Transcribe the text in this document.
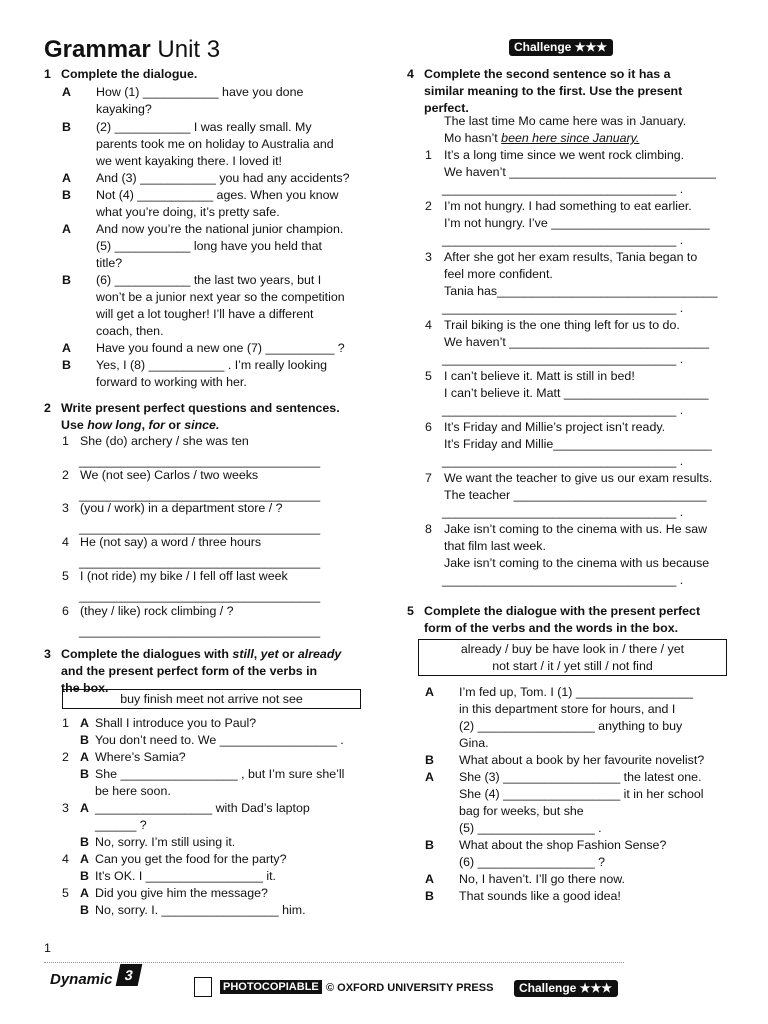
Grammar Unit 3	Challenge ★★★
1 Complete the dialogue.
A How (1) ___________ have you done
kayaking?
B (2) ___________ I was really small. My
parents took me on holiday to Australia and
we went kayaking there. I loved it!
A And (3) ___________ you had any accidents?
B Not (4) ___________ ages. When you know
what you’re doing, it’s pretty safe.
A And now you’re the national junior champion.
(5) ___________ long have you held that
title?
B (6) ___________ the last two years, but I
won’t be a junior next year so the competition
will get a lot tougher! I’ll have a different
coach, then.
A Have you found a new one (7) __________ ?
B Yes, I (8) ___________ . I’m really looking
forward to working with her.
2 Write present perfect questions and sentences.
Use how long, for or since.
1 She (do) archery / she was ten
___________________________________
2 We (not see) Carlos / two weeks
___________________________________
3 (you / work) in a department store / ?
___________________________________
4 He (not say) a word / three hours
___________________________________
5 I (not ride) my bike / I fell off last week
___________________________________
6 (they / like) rock climbing / ?
___________________________________
3 Complete the dialogues with still, yet or already
and the present perfect form of the verbs in
the box.
buy finish meet not arrive not see
1 A Shall I introduce you to Paul?
B You don’t need to. We _________________ .
2 A Where’s Samia?
B She _________________ , but I’m sure she’ll
be here soon.
3 A _________________ with Dad’s laptop
______ ?
B No, sorry. I’m still using it.
4 A Can you get the food for the party?
B It’s OK. I _________________ it.
5 A Did you give him the message?
B No, sorry. I. _________________ him.
4 Complete the second sentence so it has a
similar meaning to the first. Use the present
perfect.
The last time Mo came here was in January.
Mo hasn’t been here since January.
1 It’s a long time since we went rock climbing.
We haven’t ______________________________
__________________________________ .
2 I’m not hungry. I had something to eat earlier.
I’m not hungry. I’ve _______________________
__________________________________ .
3 After she got her exam results, Tania began to
feel more confident.
Tania has________________________________
__________________________________ .
4 Trail biking is the one thing left for us to do.
We haven’t _____________________________
__________________________________ .
5 I can’t believe it. Matt is still in bed!
I can’t believe it. Matt _____________________
__________________________________ .
6 It’s Friday and Millie’s project isn’t ready.
It’s Friday and Millie_______________________
__________________________________ .
7 We want the teacher to give us our exam results.
The teacher ____________________________
__________________________________ .
8 Jake isn’t coming to the cinema with us. He saw
that film last week.
Jake isn’t coming to the cinema with us because
__________________________________ .
5 Complete the dialogue with the present perfect
form of the verbs and the words in the box.
already / buy be have look in / there / yet
not start / it / yet still / not find
A I’m fed up, Tom. I (1) _________________
in this department store for hours, and I
(2) _________________ anything to buy
Gina.
B What about a book by her favourite novelist?
A She (3) _________________ the latest one.
She (4) _________________ it in her school
bag for weeks, but she
(5) _________________ .
B What about the shop Fashion Sense?
(6) _________________ ?
A No, I haven’t. I’ll go there now.
B That sounds like a good idea!
1
Dynamic 3
PHOTOCOPIABLE © OXFORD UNIVERSITY PRESS	Challenge ★★★
